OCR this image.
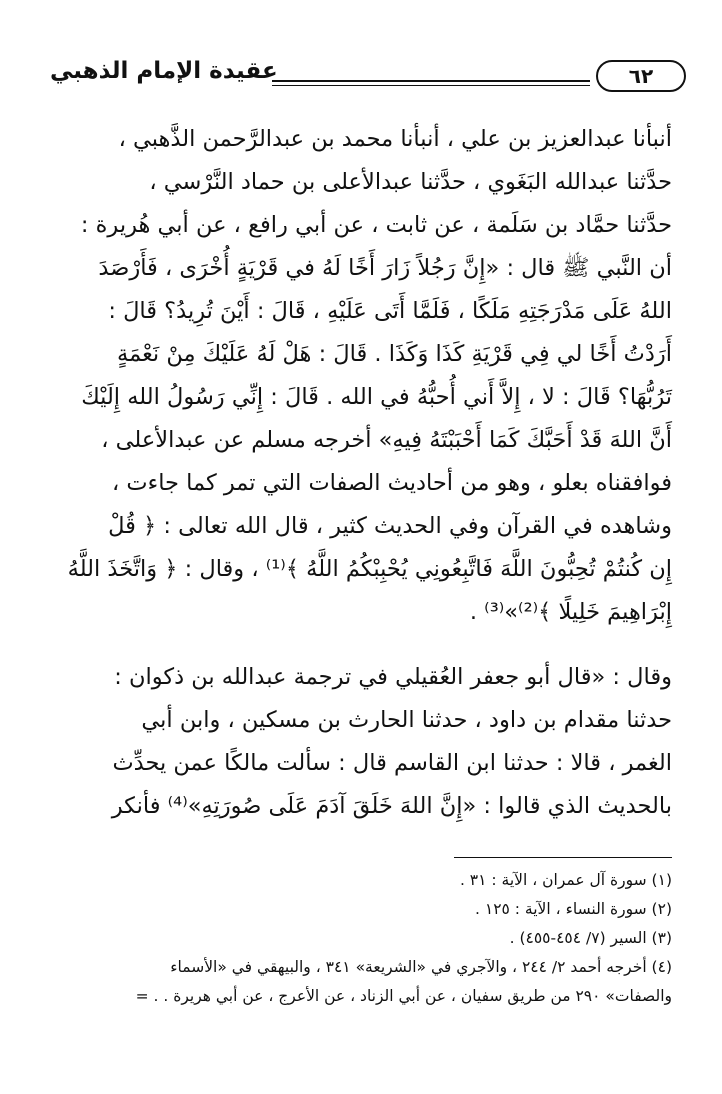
عقيدة الإمام الذهبي	٦٢
أنبأنا عبدالعزيز بن علي ، أنبأنا محمد بن عبدالرَّحمن الذَّهبي ،
حدَّثنا عبدالله البَغَوي ، حدَّثنا عبدالأعلى بن حماد النَّرْسي ،
حدَّثنا حمَّاد بن سَلَمة ، عن ثابت ، عن أبي رافع ، عن أبي هُريرة :
أن النَّبي ﷺ قال : «إِنَّ رَجُلاً زَارَ أَخًا لَهُ في قَرْيَةٍ أُخْرَى ، فَأَرْصَدَ
اللهُ عَلَى مَدْرَجَتِهِ مَلَكًا ، فَلَمَّا أَتَى عَلَيْهِ ، قَالَ : أَيْنَ تُرِيدُ؟ قَالَ :
أَرَدْتُ أَخًا لي فِي قَرْيَةِ كَذَا وَكَذَا . قَالَ : هَلْ لَهُ عَلَيْكَ مِنْ نَعْمَةٍ
تَرُبُّهَا؟ قَالَ : لا ، إِلاَّ أَني أُحبُّهُ في الله . قَالَ : إِنِّي رَسُولُ الله إِلَيْكَ
أَنَّ اللهَ قَدْ أَحَبَّكَ كَمَا أَحْبَبْتَهُ فِيهِ» أخرجه مسلم عن عبدالأعلى ،
فوافقناه بعلو ، وهو من أحاديث الصفات التي تمر كما جاءت ،
وشاهده في القرآن وفي الحديث كثير ، قال الله تعالى : ﴿ قُلْ
إِن كُنتُمْ تُحِبُّونَ اللَّهَ فَاتَّبِعُونِي يُحْبِبْكُمُ اللَّهُ ﴾⁽¹⁾ ، وقال : ﴿ وَاتَّخَذَ اللَّهُ
إِبْرَاهِيمَ خَلِيلًا ﴾⁽²⁾»⁽³⁾ .
وقال : «قال أبو جعفر العُقيلي في ترجمة عبدالله بن ذكوان :
حدثنا مقدام بن داود ، حدثنا الحارث بن مسكين ، وابن أبي
الغمر ، قالا : حدثنا ابن القاسم قال : سألت مالكًا عمن يحدِّث
بالحديث الذي قالوا : «إِنَّ اللهَ خَلَقَ آدَمَ عَلَى صُورَتِهِ»⁽⁴⁾ فأنكر
(١) سورة آل عمران ، الآية : ٣١ .
(٢) سورة النساء ، الآية : ١٢٥ .
(٣) السير (٧/ ٤٥٤-٤٥٥) .
(٤) أخرجه أحمد ٢/ ٢٤٤ ، والآجري في «الشريعة» ٣٤١ ، والبيهقي في «الأسماء
والصفات» ٢٩٠ من طريق سفيان ، عن أبي الزناد ، عن الأعرج ، عن أبي هريرة . . =
